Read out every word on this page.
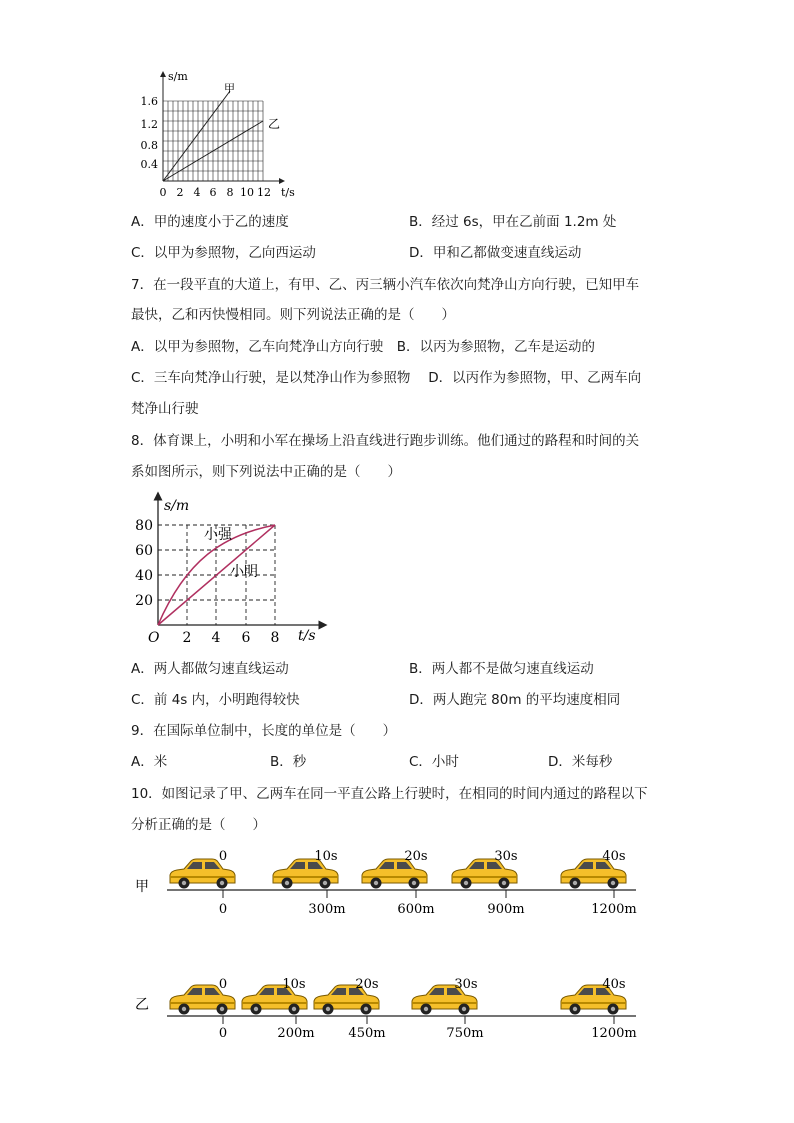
s/m
t/s
甲
乙
1.6
1.2
0.8
0.4
0 2 4 6 8 10 12
A．甲的速度小于乙的速度	B．经过 6s，甲在乙前面 1.2m 处
C．以甲为参照物，乙向西运动	D．甲和乙都做变速直线运动
7．在一段平直的大道上，有甲、乙、丙三辆小汽车依次向梵净山方向行驶，已知甲车
最快，乙和丙快慢相同。则下列说法正确的是（　　）
A．以甲为参照物，乙车向梵净山方向行驶　B．以丙为参照物，乙车是运动的
C．三车向梵净山行驶，是以梵净山作为参照物　 D．以丙作为参照物，甲、乙两车向
梵净山行驶
8．体育课上，小明和小军在操场上沿直线进行跑步训练。他们通过的路程和时间的关
系如图所示，则下列说法中正确的是（　　）
s/m
t/s
O
小强
小明
80
60
40
20
2 4 6 8
A．两人都做匀速直线运动	B．两人都不是做匀速直线运动
C．前 4s 内，小明跑得较快	D．两人跑完 80m 的平均速度相同
9．在国际单位制中，长度的单位是（　　）
A．米	B．秒	C．小时	D．米每秒
10．如图记录了甲、乙两车在同一平直公路上行驶时，在相同的时间内通过的路程以下
分析正确的是（　　）
甲
0	10s	20s	30s	40s
0	300m	600m	900m	1200m
乙
0	10s	20s	30s	40s
0	200m	450m	750m	1200m
